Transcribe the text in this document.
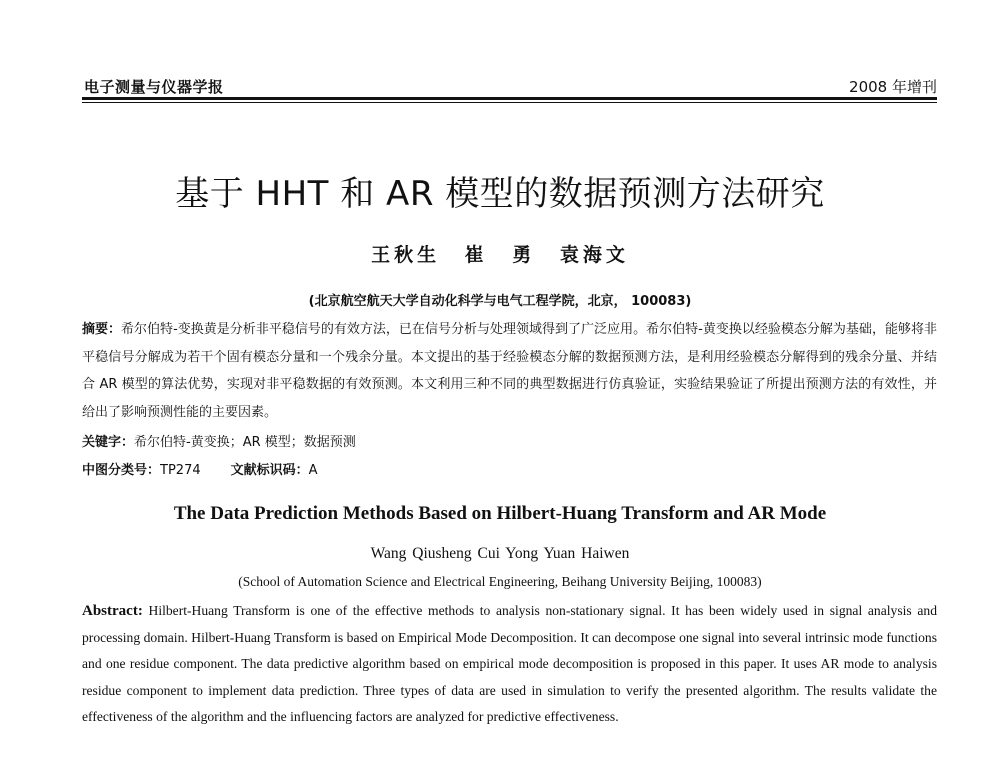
电子测量与仪器学报	2008 年增刊
基于 HHT 和 AR 模型的数据预测方法研究
王秋生 崔 勇 袁海文
(北京航空航天大学自动化科学与电气工程学院，北京， 100083)
摘要：希尔伯特-变换黄是分析非平稳信号的有效方法，已在信号分析与处理领域得到了广泛应用。希尔伯特-黄变换以经验模态分解为基础，能够将非平稳信号分解成为若干个固有模态分量和一个残余分量。本文提出的基于经验模态分解的数据预测方法，是利用经验模态分解得到的残余分量、并结合 AR 模型的算法优势，实现对非平稳数据的有效预测。本文利用三种不同的典型数据进行仿真验证，实验结果验证了所提出预测方法的有效性，并给出了影响预测性能的主要因素。
关键字：希尔伯特-黄变换；AR 模型；数据预测
中图分类号：TP274 文献标识码：A
The Data Prediction Methods Based on Hilbert-Huang Transform and AR Mode
Wang Qiusheng Cui Yong Yuan Haiwen
(School of Automation Science and Electrical Engineering, Beihang University Beijing, 100083)
Abstract: Hilbert-Huang Transform is one of the effective methods to analysis non-stationary signal. It has been widely used in signal analysis and processing domain. Hilbert-Huang Transform is based on Empirical Mode Decomposition. It can decompose one signal into several intrinsic mode functions and one residue component. The data predictive algorithm based on empirical mode decomposition is proposed in this paper. It uses AR mode to analysis residue component to implement data prediction. Three types of data are used in simulation to verify the presented algorithm. The results validate the effectiveness of the algorithm and the influencing factors are analyzed for predictive effectiveness.
